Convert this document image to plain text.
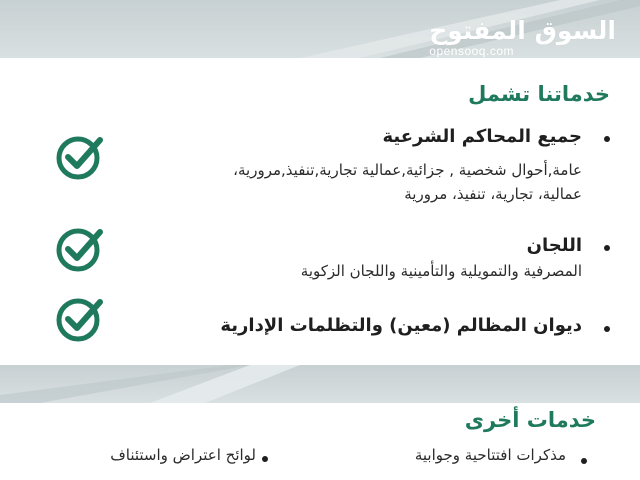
السوق المفتوح
opensooq.com
خدماتنا تشمل
جميع المحاكم الشرعية
عامة,أحوال شخصية , جزائية,عمالية تجارية,تنفيذ,مرورية،
عمالية، تجارية، تنفيذ، مرورية
اللجان
المصرفية والتمويلية والتأمينية واللجان الزكوية
ديوان المظالم (معين) والتظلمات الإدارية
خدمات أخرى
مذكرات افتتاحية وجوابية
لوائح اعتراض واستئناف
